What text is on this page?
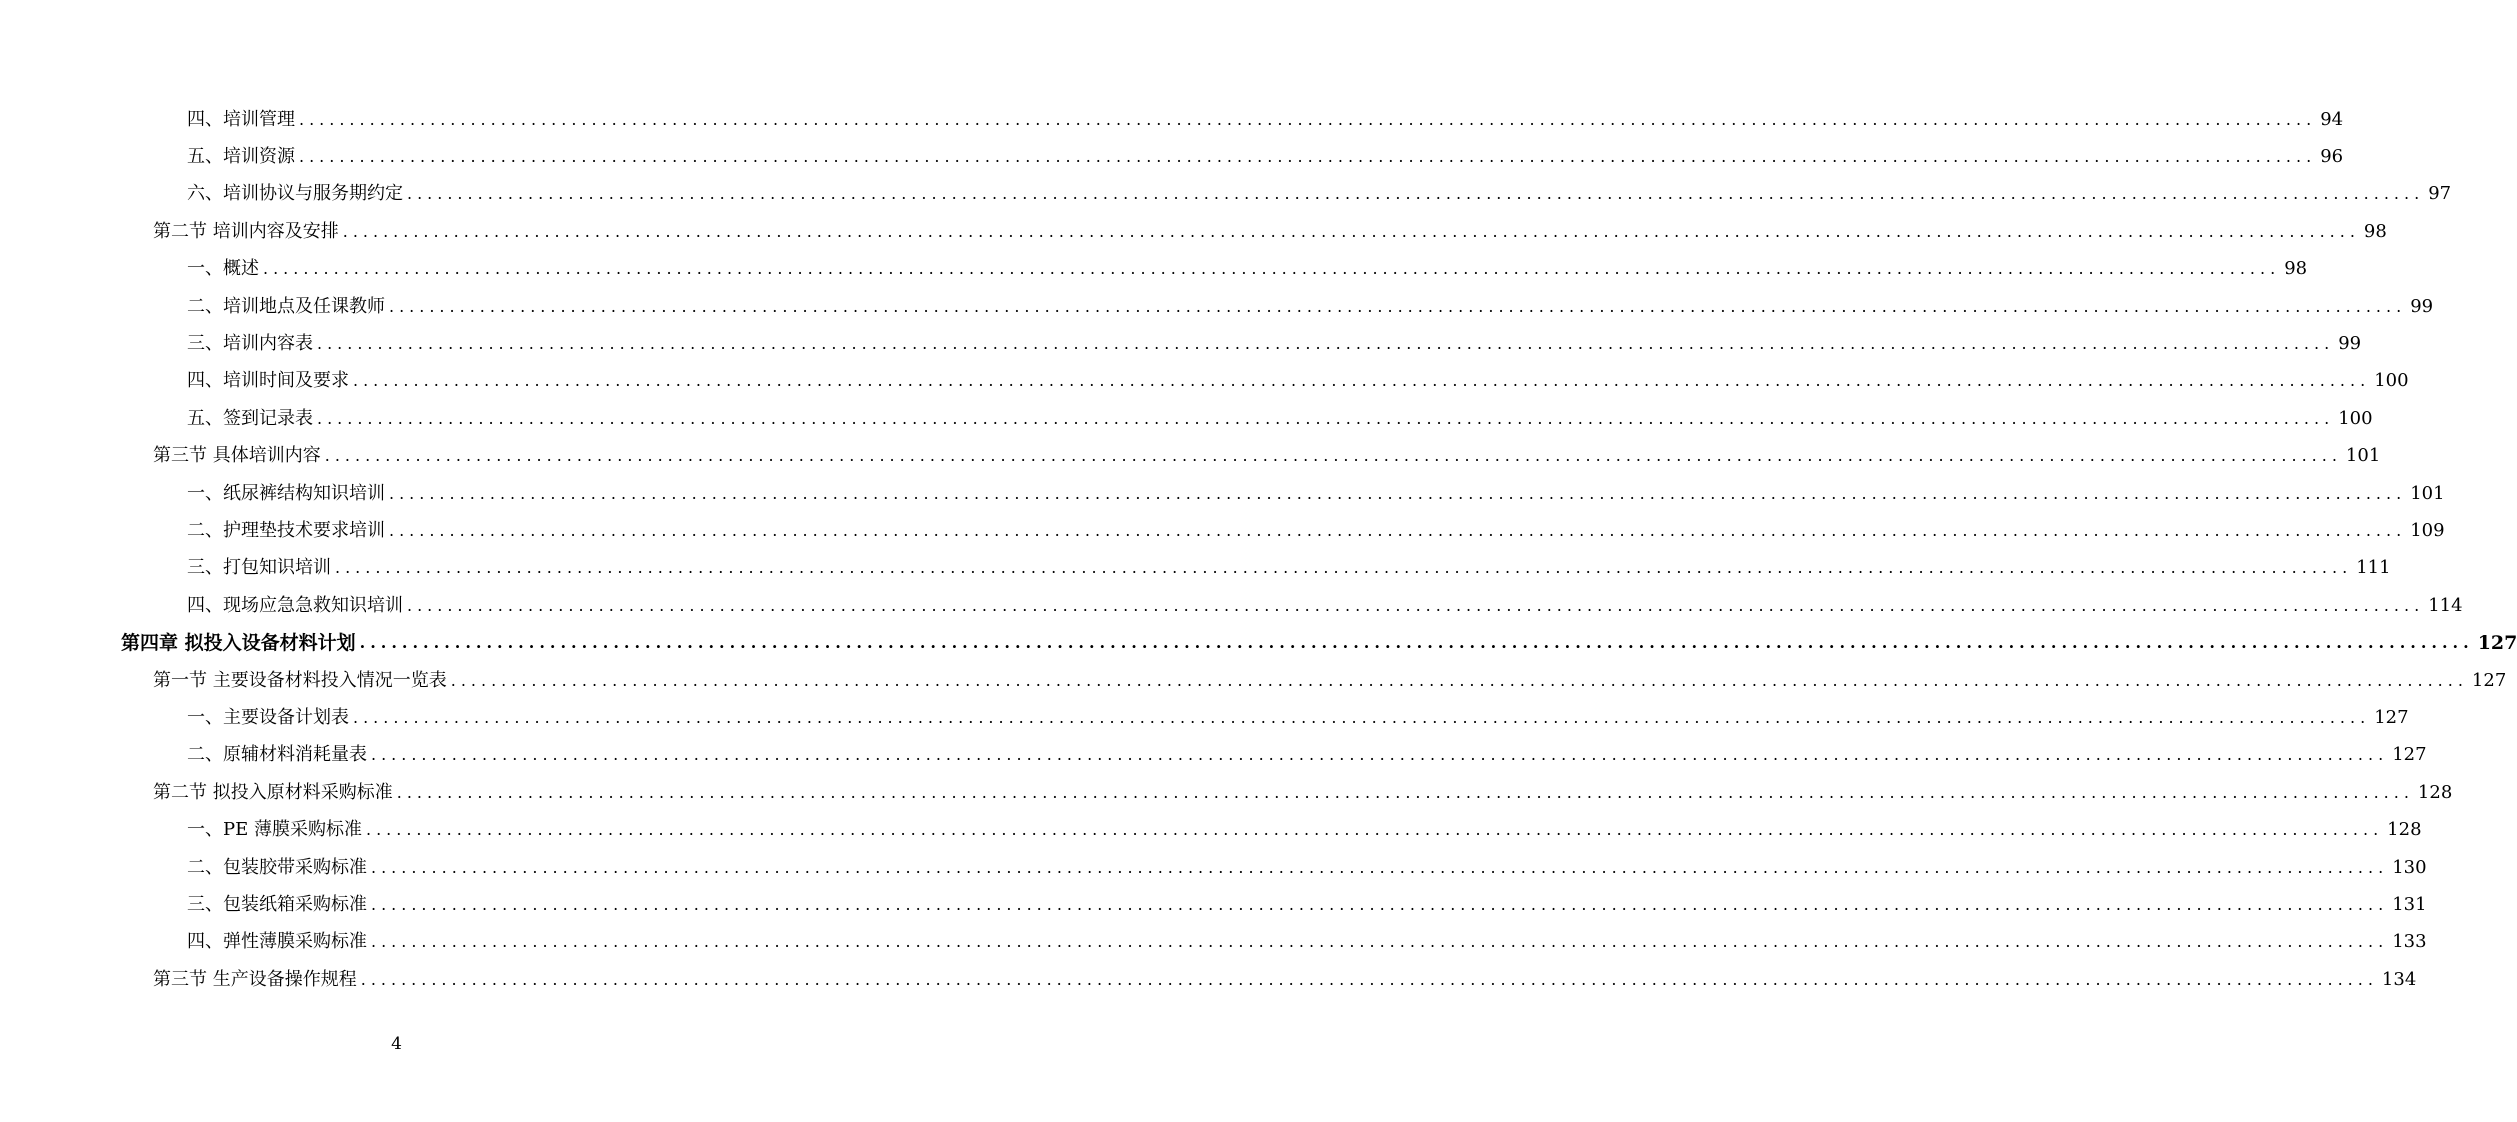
四、培训管理 ........................................................................................................................................................................................................ 94
五、培训资源 ........................................................................................................................................................................................................ 96
六、培训协议与服务期约定 ........................................................................................................................................................................................................ 97
第二节 培训内容及安排 ........................................................................................................................................................................................................ 98
一、概述 ........................................................................................................................................................................................................ 98
二、培训地点及任课教师 ........................................................................................................................................................................................................ 99
三、培训内容表 ........................................................................................................................................................................................................ 99
四、培训时间及要求 ........................................................................................................................................................................................................ 100
五、签到记录表 ........................................................................................................................................................................................................ 100
第三节 具体培训内容 ........................................................................................................................................................................................................ 101
一、纸尿裤结构知识培训 ........................................................................................................................................................................................................ 101
二、护理垫技术要求培训 ........................................................................................................................................................................................................ 109
三、打包知识培训 ........................................................................................................................................................................................................ 111
四、现场应急急救知识培训 ........................................................................................................................................................................................................ 114
第四章 拟投入设备材料计划 ........................................................................................................................................................................................................ 127
第一节 主要设备材料投入情况一览表 ........................................................................................................................................................................................................ 127
一、主要设备计划表 ........................................................................................................................................................................................................ 127
二、原辅材料消耗量表 ........................................................................................................................................................................................................ 127
第二节 拟投入原材料采购标准 ........................................................................................................................................................................................................ 128
一、PE 薄膜采购标准 ........................................................................................................................................................................................................ 128
二、包装胶带采购标准 ........................................................................................................................................................................................................ 130
三、包装纸箱采购标准 ........................................................................................................................................................................................................ 131
四、弹性薄膜采购标准 ........................................................................................................................................................................................................ 133
第三节 生产设备操作规程 ........................................................................................................................................................................................................ 134
4
